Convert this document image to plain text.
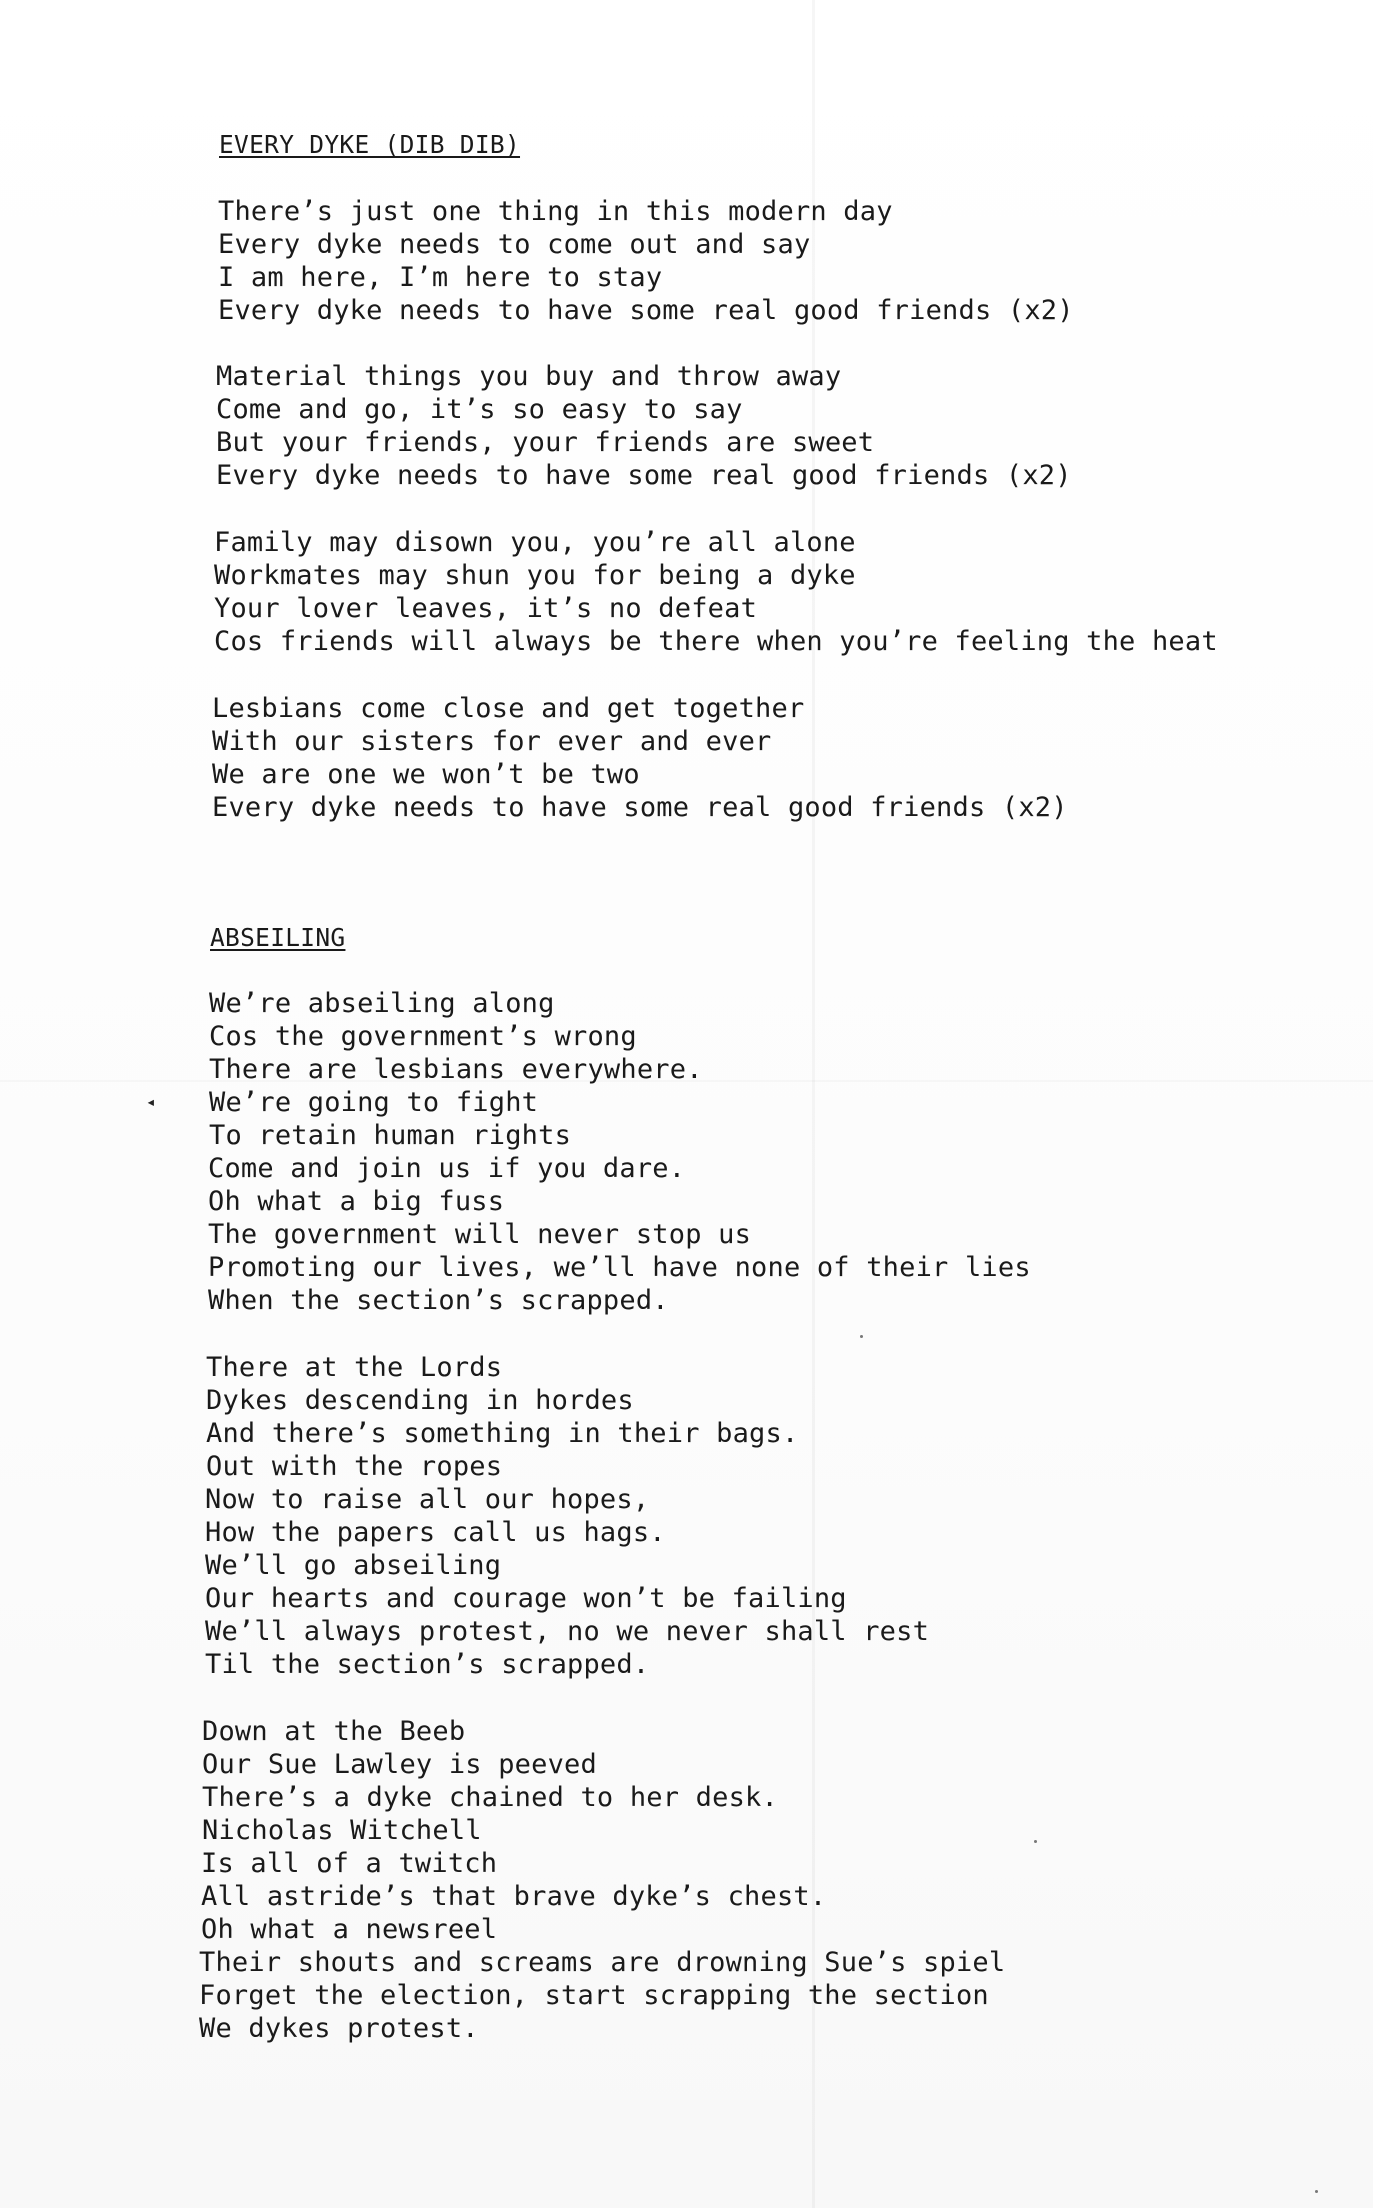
◂
EVERY DYKE (DIB DIB)
There’s just one thing in this modern day
Every dyke needs to come out and say
I am here, I’m here to stay
Every dyke needs to have some real good friends (x2)
Material things you buy and throw away
Come and go, it’s so easy to say
But your friends, your friends are sweet
Every dyke needs to have some real good friends (x2)
Family may disown you, you’re all alone
Workmates may shun you for being a dyke
Your lover leaves, it’s no defeat
Cos friends will always be there when you’re feeling the heat
Lesbians come close and get together
With our sisters for ever and ever
We are one we won’t be two
Every dyke needs to have some real good friends (x2)
ABSEILING
We’re abseiling along
Cos the government’s wrong
There are lesbians everywhere.
We’re going to fight
To retain human rights
Come and join us if you dare.
Oh what a big fuss
The government will never stop us
Promoting our lives, we’ll have none of their lies
When the section’s scrapped.
There at the Lords
Dykes descending in hordes
And there’s something in their bags.
Out with the ropes
Now to raise all our hopes,
How the papers call us hags.
We’ll go abseiling
Our hearts and courage won’t be failing
We’ll always protest, no we never shall rest
Til the section’s scrapped.
Down at the Beeb
Our Sue Lawley is peeved
There’s a dyke chained to her desk.
Nicholas Witchell
Is all of a twitch
All astride’s that brave dyke’s chest.
Oh what a newsreel
Their shouts and screams are drowning Sue’s spiel
Forget the election, start scrapping the section
We dykes protest.
